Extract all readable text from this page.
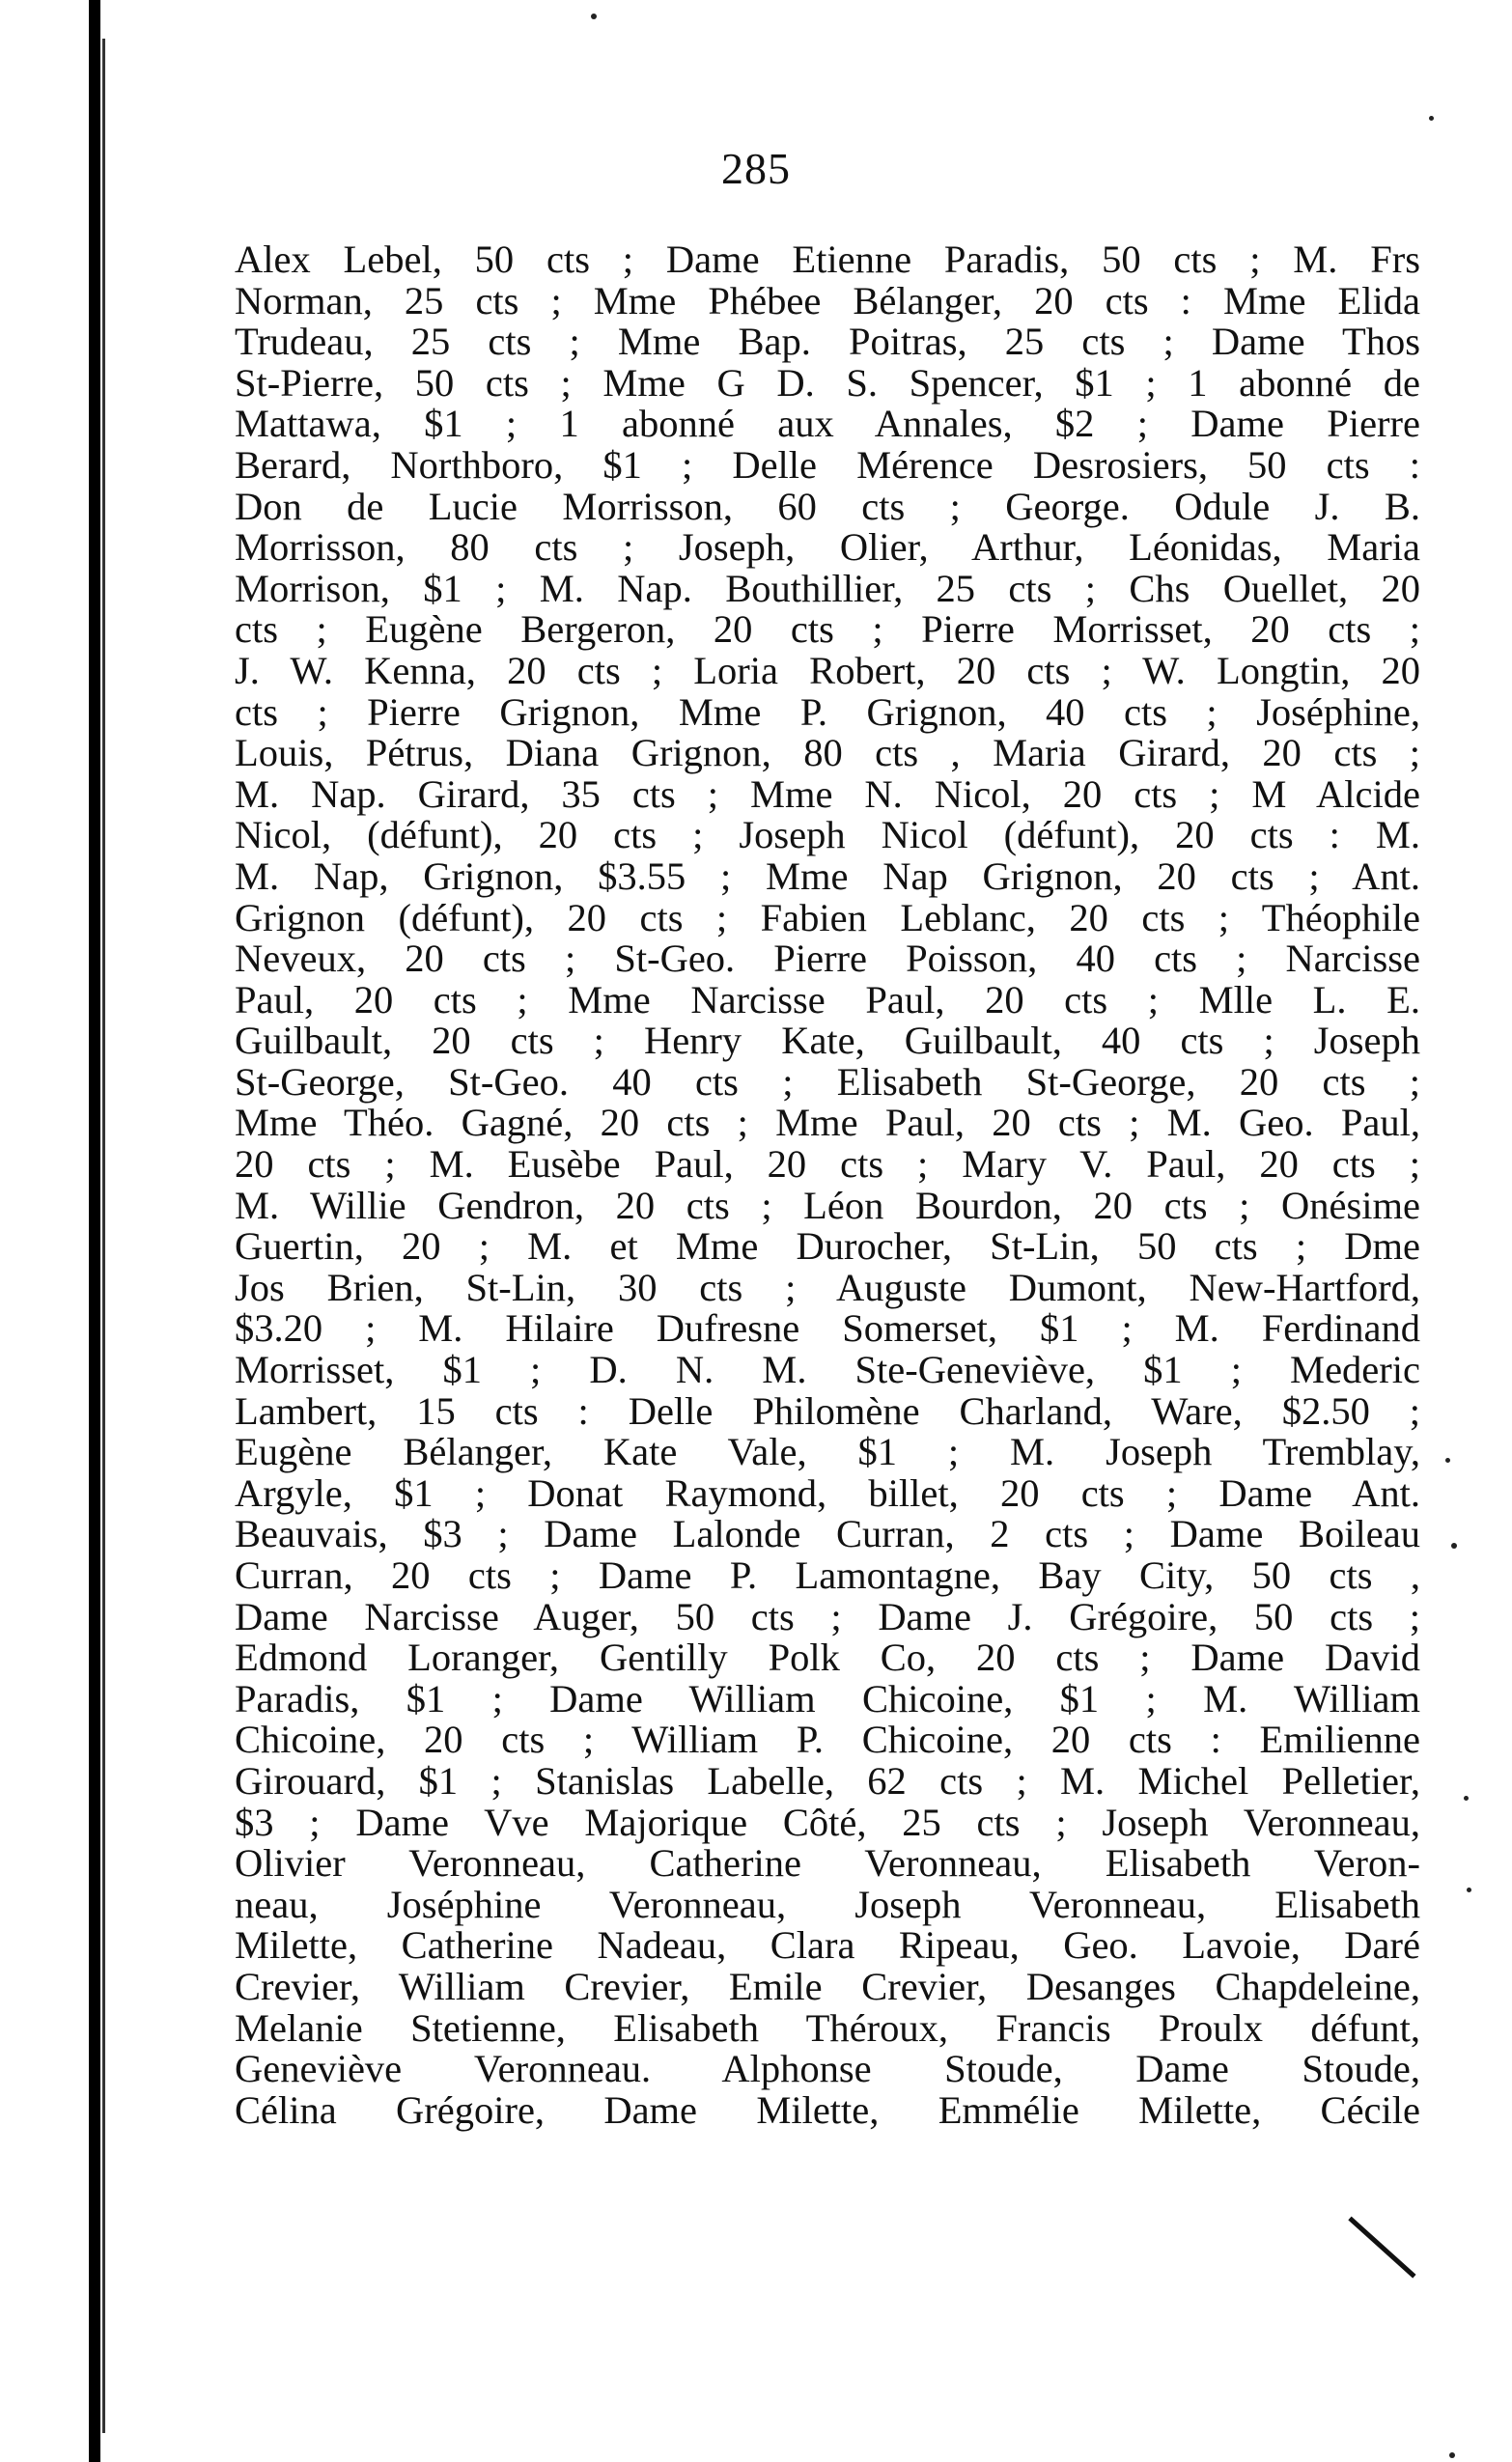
285
Alex Lebel, 50 cts ; Dame Etienne Paradis, 50 cts ; M. Frs
Norman, 25 cts ; Mme Phébee Bélanger, 20 cts : Mme Elida
Trudeau, 25 cts ; Mme Bap. Poitras, 25 cts ; Dame Thos
St-Pierre, 50 cts ; Mme G D. S. Spencer, $1 ; 1 abonné de
Mattawa, $1 ; 1 abonné aux Annales, $2 ; Dame Pierre
Berard, Northboro, $1 ; Delle Mérence Desrosiers, 50 cts :
Don de Lucie Morrisson, 60 cts ; George. Odule J. B.
Morrisson, 80 cts ; Joseph, Olier, Arthur, Léonidas, Maria
Morrison, $1 ; M. Nap. Bouthillier, 25 cts ; Chs Ouellet, 20
cts ; Eugène Bergeron, 20 cts ; Pierre Morrisset, 20 cts ;
J. W. Kenna, 20 cts ; Loria Robert, 20 cts ; W. Longtin, 20
cts ; Pierre Grignon, Mme P. Grignon, 40 cts ; Joséphine,
Louis, Pétrus, Diana Grignon, 80 cts , Maria Girard, 20 cts ;
M. Nap. Girard, 35 cts ; Mme N. Nicol, 20 cts ; M Alcide
Nicol, (défunt), 20 cts ; Joseph Nicol (défunt), 20 cts : M.
M. Nap, Grignon, $3.55 ; Mme Nap Grignon, 20 cts ; Ant.
Grignon (défunt), 20 cts ; Fabien Leblanc, 20 cts ; Théophile
Neveux, 20 cts ; St-Geo. Pierre Poisson, 40 cts ; Narcisse
Paul, 20 cts ; Mme Narcisse Paul, 20 cts ; Mlle L. E.
Guilbault, 20 cts ; Henry Kate, Guilbault, 40 cts ; Joseph
St-George, St-Geo. 40 cts ; Elisabeth St-George, 20 cts ;
Mme Théo. Gagné, 20 cts ; Mme Paul, 20 cts ; M. Geo. Paul,
20 cts ; M. Eusèbe Paul, 20 cts ; Mary V. Paul, 20 cts ;
M. Willie Gendron, 20 cts ; Léon Bourdon, 20 cts ; Onésime
Guertin, 20 ; M. et Mme Durocher, St-Lin, 50 cts ; Dme
Jos Brien, St-Lin, 30 cts ; Auguste Dumont, New-Hartford,
$3.20 ; M. Hilaire Dufresne Somerset, $1 ; M. Ferdinand
Morrisset, $1 ; D. N. M. Ste-Geneviève, $1 ; Mederic
Lambert, 15 cts : Delle Philomène Charland, Ware, $2.50 ;
Eugène Bélanger, Kate Vale, $1 ; M. Joseph Tremblay,
Argyle, $1 ; Donat Raymond, billet, 20 cts ; Dame Ant.
Beauvais, $3 ; Dame Lalonde Curran, 2 cts ; Dame Boileau
Curran, 20 cts ; Dame P. Lamontagne, Bay City, 50 cts ,
Dame Narcisse Auger, 50 cts ; Dame J. Grégoire, 50 cts ;
Edmond Loranger, Gentilly Polk Co, 20 cts ; Dame David
Paradis, $1 ; Dame William Chicoine, $1 ; M. William
Chicoine, 20 cts ; William P. Chicoine, 20 cts : Emilienne
Girouard, $1 ; Stanislas Labelle, 62 cts ; M. Michel Pelletier,
$3 ; Dame Vve Majorique Côté, 25 cts ; Joseph Veronneau,
Olivier Veronneau, Catherine Veronneau, Elisabeth Veron-
neau, Joséphine Veronneau, Joseph Veronneau, Elisabeth
Milette, Catherine Nadeau, Clara Ripeau, Geo. Lavoie, Daré
Crevier, William Crevier, Emile Crevier, Desanges Chapdeleine,
Melanie Stetienne, Elisabeth Théroux, Francis Proulx défunt,
Geneviève Veronneau. Alphonse Stoude, Dame Stoude,
Célina Grégoire, Dame Milette, Emmélie Milette, Cécile
